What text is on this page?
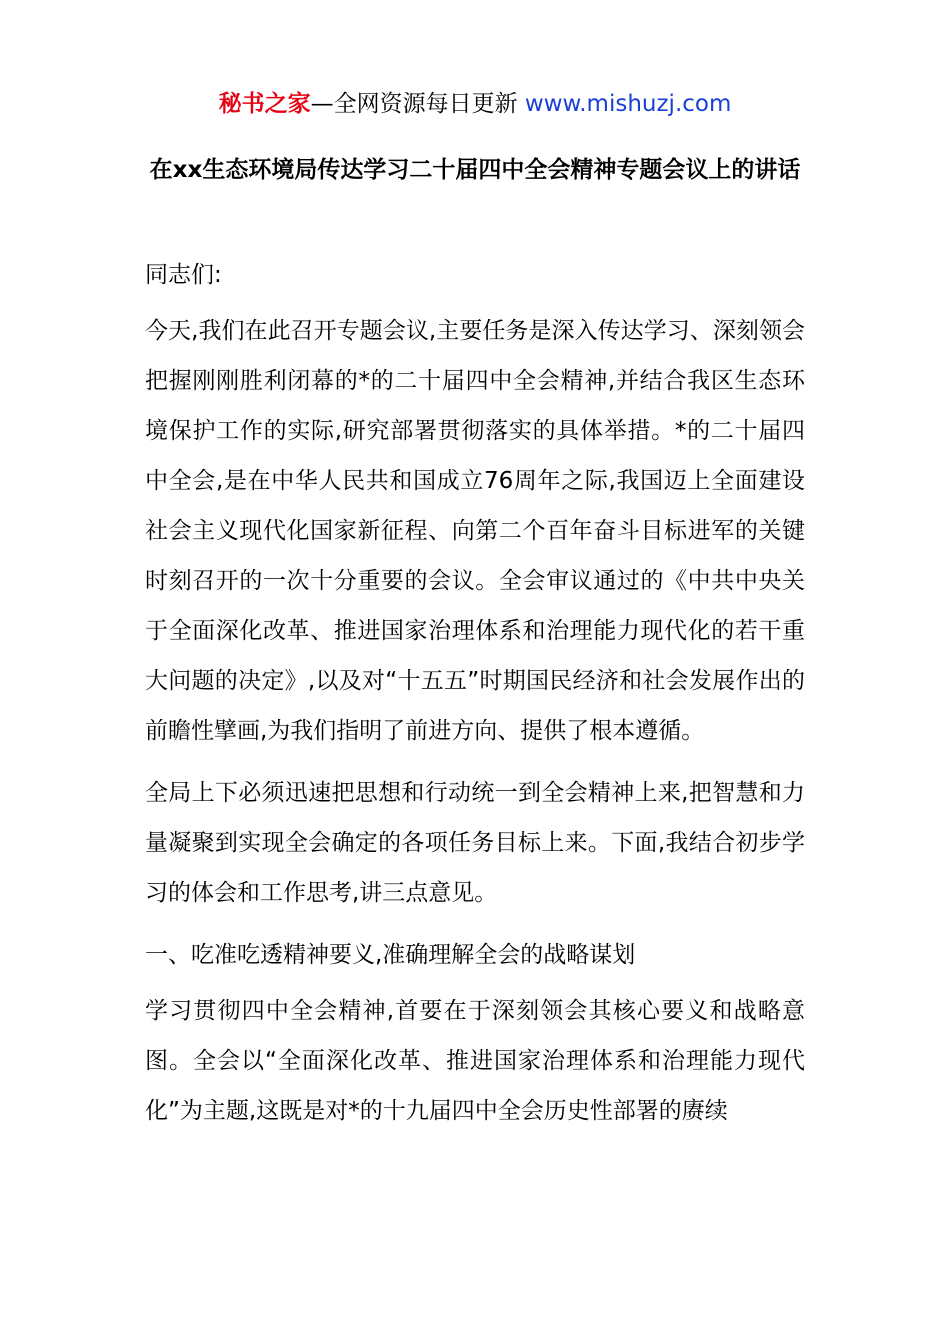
秘书之家—全网资源每日更新 www.mishuzj.com
在xx生态环境局传达学习二十届四中全会精神专题会议上的讲话

同志们:

今天,我们在此召开专题会议,主要任务是深入传达学习、深刻领会把握刚刚胜利闭幕的*的二十届四中全会精神,并结合我区生态环境保护工作的实际,研究部署贯彻落实的具体举措。*的二十届四中全会,是在中华人民共和国成立76周年之际,我国迈上全面建设社会主义现代化国家新征程、向第二个百年奋斗目标进军的关键时刻召开的一次十分重要的会议。全会审议通过的《中共中央关于全面深化改革、推进国家治理体系和治理能力现代化的若干重大问题的决定》,以及对“十五五”时期国民经济和社会发展作出的前瞻性擘画,为我们指明了前进方向、提供了根本遵循。

全局上下必须迅速把思想和行动统一到全会精神上来,把智慧和力量凝聚到实现全会确定的各项任务目标上来。下面,我结合初步学习的体会和工作思考,讲三点意见。

一、吃准吃透精神要义,准确理解全会的战略谋划

学习贯彻四中全会精神,首要在于深刻领会其核心要义和战略意图。全会以“全面深化改革、推进国家治理体系和治理能力现代化”为主题,这既是对*的十九届四中全会历史性部署的赓续
